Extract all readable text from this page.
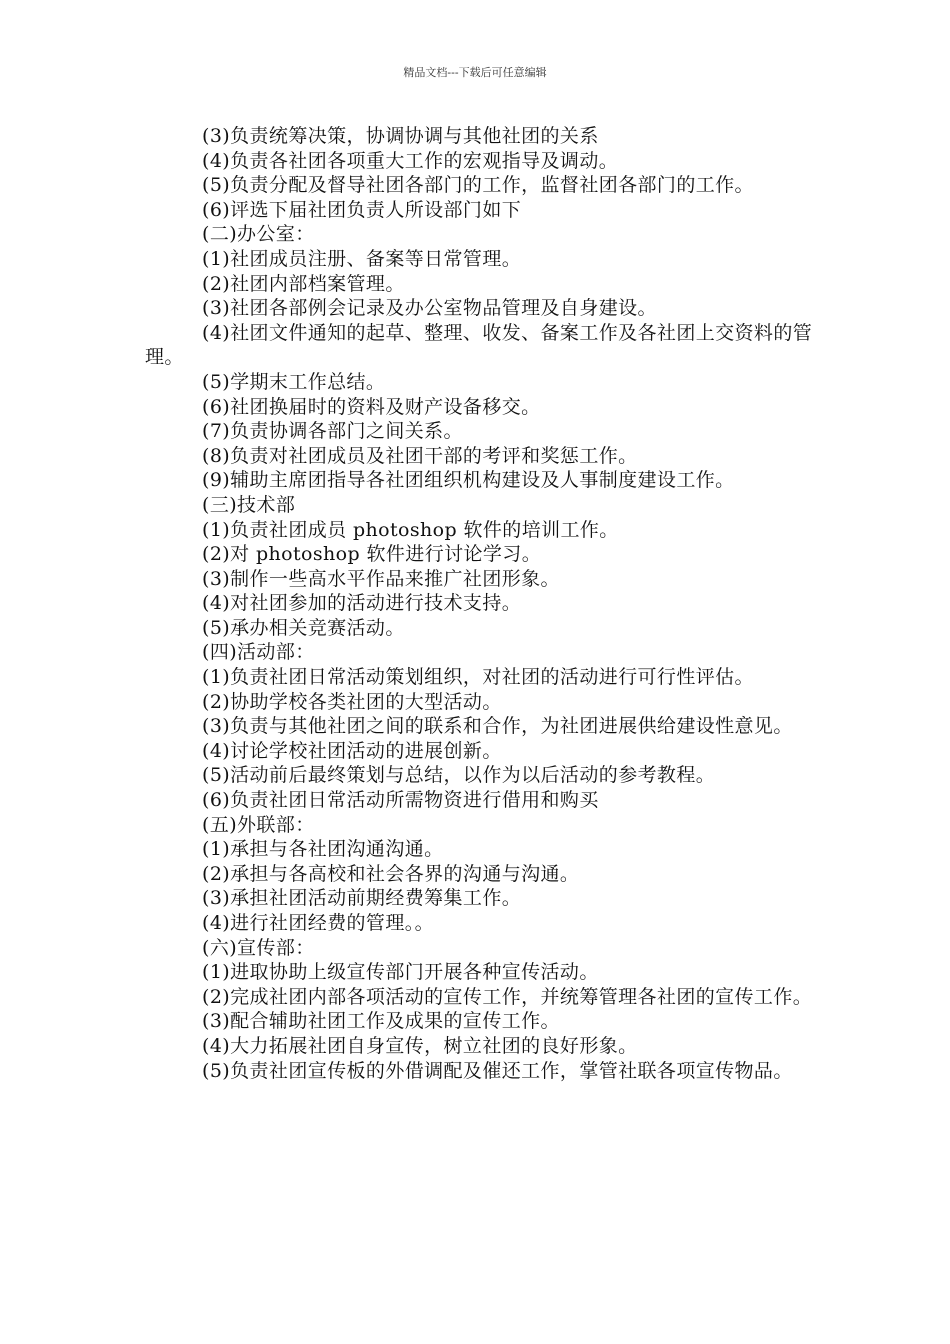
精品文档---下载后可任意编辑

(3)负责统筹决策，协调协调与其他社团的关系

(4)负责各社团各项重大工作的宏观指导及调动。

(5)负责分配及督导社团各部门的工作，监督社团各部门的工作。

(6)评选下届社团负责人所设部门如下

(二)办公室：

(1)社团成员注册、备案等日常管理。

(2)社团内部档案管理。

(3)社团各部例会记录及办公室物品管理及自身建设。

(4)社团文件通知的起草、整理、收发、备案工作及各社团上交资料的管理。

(5)学期末工作总结。

(6)社团换届时的资料及财产设备移交。

(7)负责协调各部门之间关系。

(8)负责对社团成员及社团干部的考评和奖惩工作。

(9)辅助主席团指导各社团组织机构建设及人事制度建设工作。

(三)技术部

(1)负责社团成员 photoshop 软件的培训工作。

(2)对 photoshop 软件进行讨论学习。

(3)制作一些高水平作品来推广社团形象。

(4)对社团参加的活动进行技术支持。

(5)承办相关竞赛活动。

(四)活动部：

(1)负责社团日常活动策划组织，对社团的活动进行可行性评估。

(2)协助学校各类社团的大型活动。

(3)负责与其他社团之间的联系和合作，为社团进展供给建设性意见。

(4)讨论学校社团活动的进展创新。

(5)活动前后最终策划与总结，以作为以后活动的参考教程。

(6)负责社团日常活动所需物资进行借用和购买

(五)外联部：

(1)承担与各社团沟通沟通。

(2)承担与各高校和社会各界的沟通与沟通。

(3)承担社团活动前期经费筹集工作。

(4)进行社团经费的管理。。

(六)宣传部：

(1)进取协助上级宣传部门开展各种宣传活动。

(2)完成社团内部各项活动的宣传工作，并统筹管理各社团的宣传工作。

(3)配合辅助社团工作及成果的宣传工作。

(4)大力拓展社团自身宣传，树立社团的良好形象。

(5)负责社团宣传板的外借调配及催还工作，掌管社联各项宣传物品。
